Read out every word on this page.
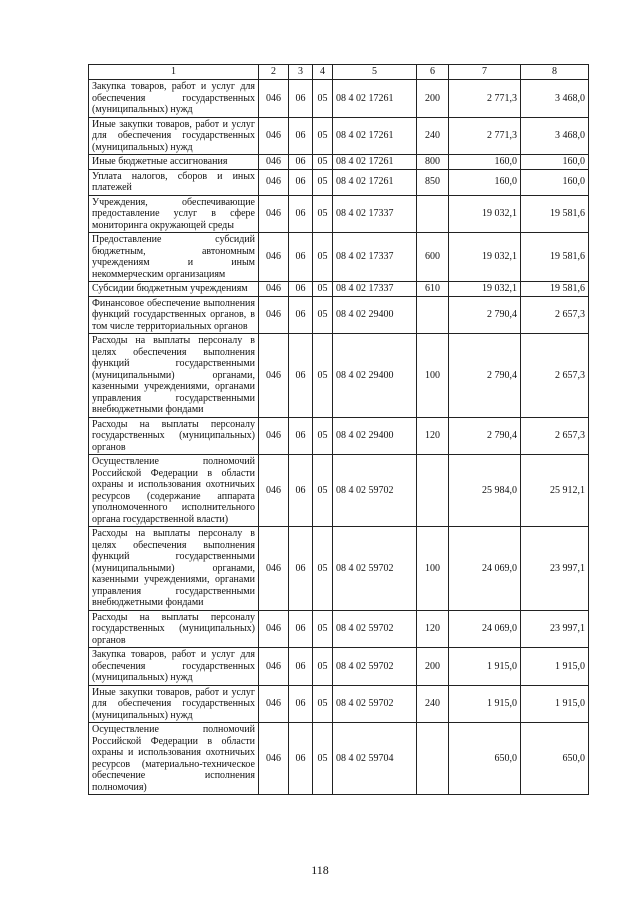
1	2	3	4	5	6	7	8
Закупка товаров, работ и услуг для обеспечения государственных (муниципальных) нужд	046	06	05	08 4 02 17261	200	2 771,3	3 468,0
Иные закупки товаров, работ и услуг для обеспечения государственных (муниципальных) нужд	046	06	05	08 4 02 17261	240	2 771,3	3 468,0
Иные бюджетные ассигнования	046	06	05	08 4 02 17261	800	160,0	160,0
Уплата налогов, сборов и иных платежей	046	06	05	08 4 02 17261	850	160,0	160,0
Учреждения, обеспечивающие предоставление услуг в сфере мониторинга окружающей среды	046	06	05	08 4 02 17337		19 032,1	19 581,6
Предоставление субсидий бюджетным, автономным учреждениям и иным некоммерческим организациям	046	06	05	08 4 02 17337	600	19 032,1	19 581,6
Субсидии бюджетным учреждениям	046	06	05	08 4 02 17337	610	19 032,1	19 581,6
Финансовое обеспечение выполнения функций государственных органов, в том числе территориальных органов	046	06	05	08 4 02 29400		2 790,4	2 657,3
Расходы на выплаты персоналу в целях обеспечения выполнения функций государственными (муниципальными) органами, казенными учреждениями, органами управления государственными внебюджетными фондами	046	06	05	08 4 02 29400	100	2 790,4	2 657,3
Расходы на выплаты персоналу государственных (муниципальных) органов	046	06	05	08 4 02 29400	120	2 790,4	2 657,3
Осуществление полномочий Российской Федерации в области охраны и использования охотничьих ресурсов (содержание аппарата уполномоченного исполнительного органа государственной власти)	046	06	05	08 4 02 59702		25 984,0	25 912,1
Расходы на выплаты персоналу в целях обеспечения выполнения функций государственными (муниципальными) органами, казенными учреждениями, органами управления государственными внебюджетными фондами	046	06	05	08 4 02 59702	100	24 069,0	23 997,1
Расходы на выплаты персоналу государственных (муниципальных) органов	046	06	05	08 4 02 59702	120	24 069,0	23 997,1
Закупка товаров, работ и услуг для обеспечения государственных (муниципальных) нужд	046	06	05	08 4 02 59702	200	1 915,0	1 915,0
Иные закупки товаров, работ и услуг для обеспечения государственных (муниципальных) нужд	046	06	05	08 4 02 59702	240	1 915,0	1 915,0
Осуществление полномочий Российской Федерации в области охраны и использования охотничьих ресурсов (материально-техническое обеспечение исполнения полномочия)	046	06	05	08 4 02 59704		650,0	650,0
118
